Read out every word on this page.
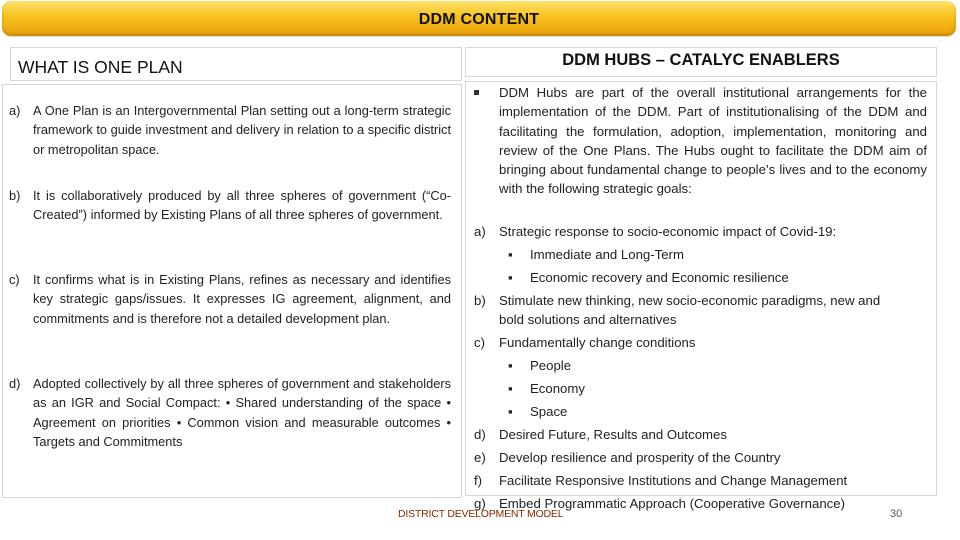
DDM CONTENT
WHAT IS ONE PLAN
a) A One Plan is an Intergovernmental Plan setting out a long-term strategic framework to guide investment and delivery in relation to a specific district or metropolitan space.
b) It is collaboratively produced by all three spheres of government (“Co-Created”) informed by Existing Plans of all three spheres of government.
c)	It confirms what is in Existing Plans, refines as necessary and identifies key strategic gaps/issues. It expresses IG agreement, alignment, and commitments and is therefore not a detailed development plan.
d) Adopted collectively by all three spheres of government and stakeholders as an IGR and Social Compact: • Shared understanding of the space • Agreement on priorities • Common vision and measurable outcomes • Targets and Commitments
DDM HUBS – CATALYC ENABLERS
DDM Hubs are part of the overall institutional arrangements for the implementation of the DDM. Part of institutionalising of the DDM and facilitating the formulation, adoption, implementation, monitoring and review of the One Plans. The Hubs ought to facilitate the DDM aim of bringing about fundamental change to people’s lives and to the economy with the following strategic goals:
a) Strategic response to socio-economic impact of Covid-19:
▪ Immediate and Long-Term
▪ Economic recovery and Economic resilience
b) Stimulate new thinking, new socio-economic paradigms, new and
bold solutions and alternatives
c) Fundamentally change conditions
▪ People
▪ Economy
▪ Space
d) Desired Future, Results and Outcomes
e) Develop resilience and prosperity of the Country
f) Facilitate Responsive Institutions and Change Management
g) Embed Programmatic Approach (Cooperative Governance)
DISTRICT DEVELOPMENT MODEL	30
